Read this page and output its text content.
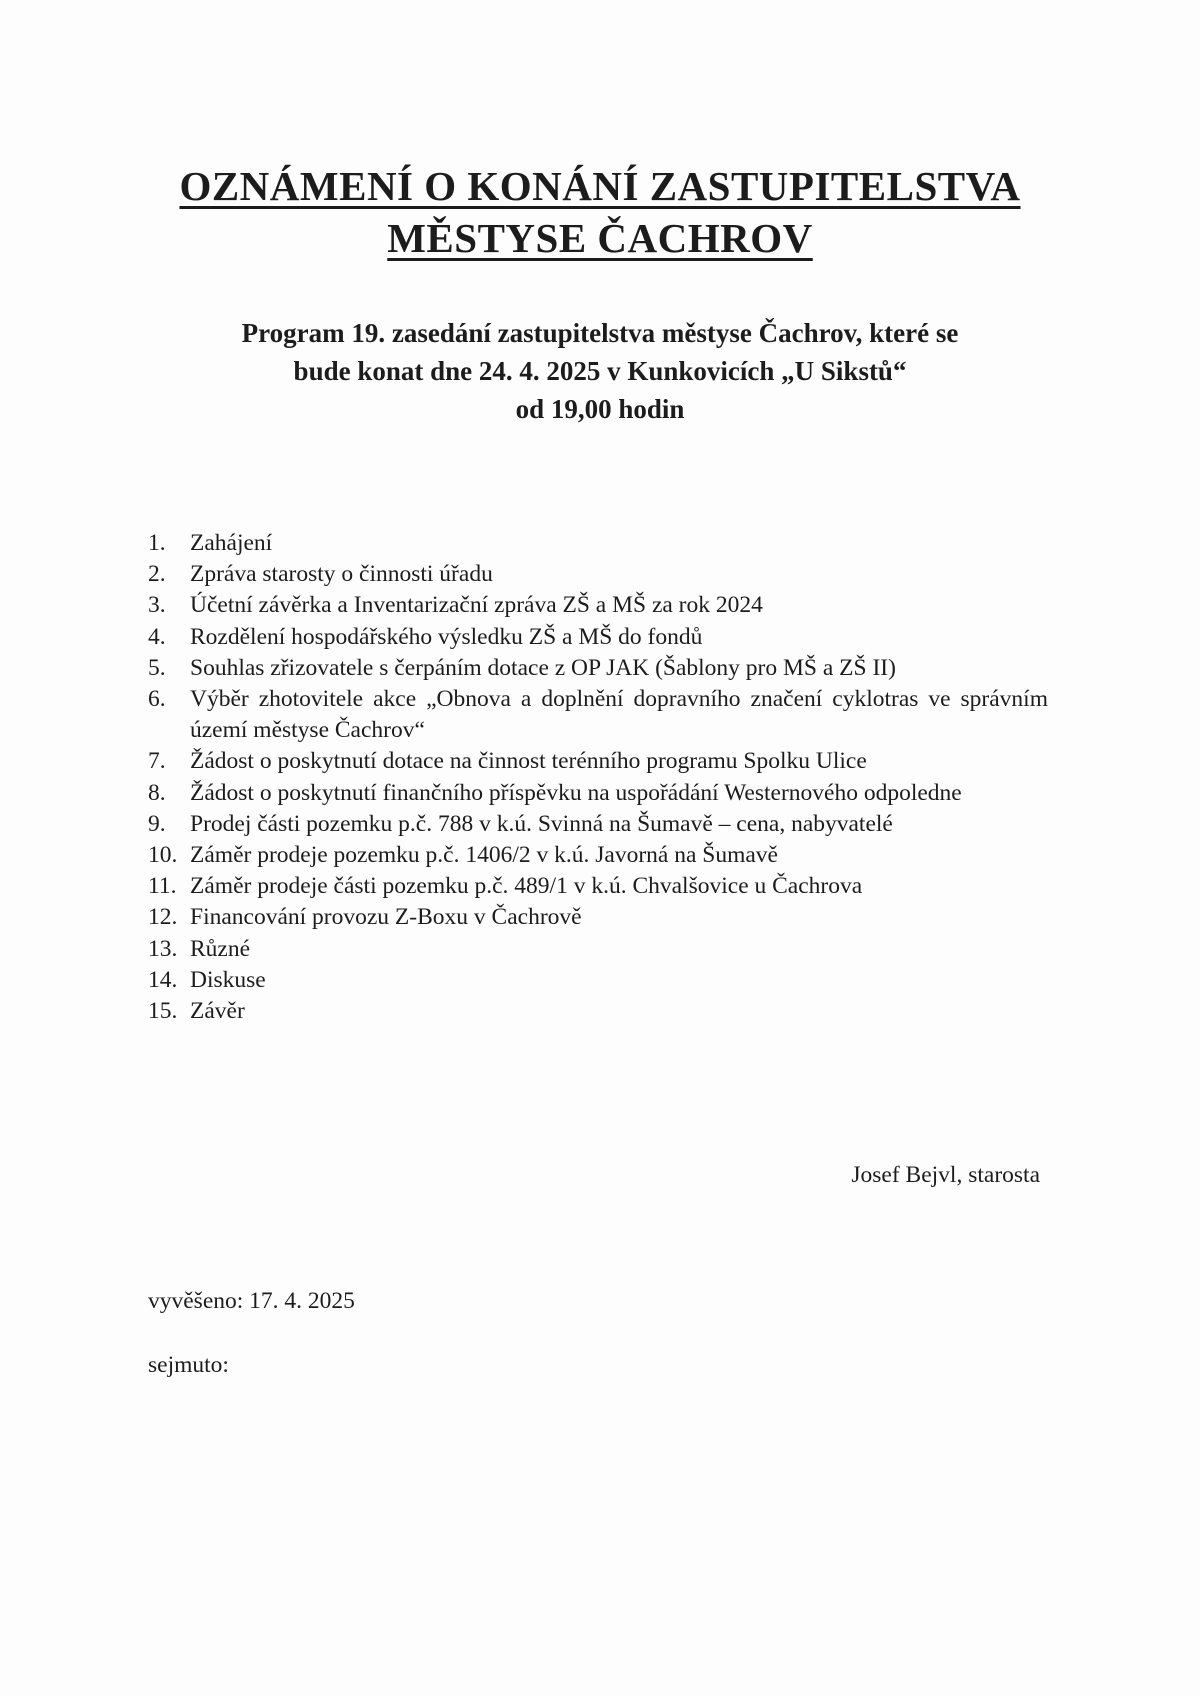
OZNÁMENÍ O KONÁNÍ ZASTUPITELSTVA
MĚSTYSE ČACHROV
Program 19. zasedání zastupitelstva městyse Čachrov, které se
bude konat dne 24. 4. 2025 v Kunkovicích „U Sikstů“
od 19,00 hodin
1.	Zahájení
2.	Zpráva starosty o činnosti úřadu
3.	Účetní závěrka a Inventarizační zpráva ZŠ a MŠ za rok 2024
4.	Rozdělení hospodářského výsledku ZŠ a MŠ do fondů
5.	Souhlas zřizovatele s čerpáním dotace z OP JAK (Šablony pro MŠ a ZŠ II)
6.	Výběr zhotovitele akce „Obnova a doplnění dopravního značení cyklotras ve správním území městyse Čachrov“
7.	Žádost o poskytnutí dotace na činnost terénního programu Spolku Ulice
8.	Žádost o poskytnutí finančního příspěvku na uspořádání Westernového odpoledne
9.	Prodej části pozemku p.č. 788 v k.ú. Svinná na Šumavě – cena, nabyvatelé
10. Záměr prodeje pozemku p.č. 1406/2 v k.ú. Javorná na Šumavě
11. Záměr prodeje části pozemku p.č. 489/1 v k.ú. Chvalšovice u Čachrova
12. Financování provozu Z-Boxu v Čachrově
13. Různé
14. Diskuse
15. Závěr
Josef Bejvl, starosta
vyvěšeno: 17. 4. 2025
sejmuto:
